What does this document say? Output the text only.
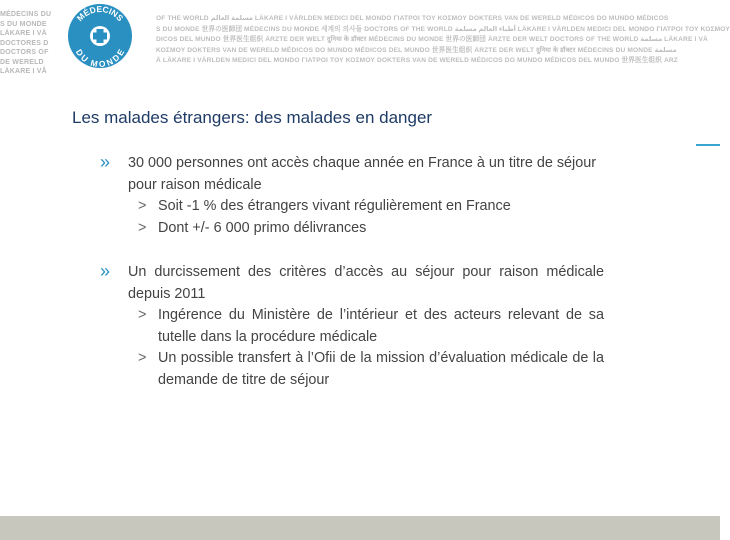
MÉDECINS DU
S DU MONDE
LÄKARE I VÄ
DOCTORES D
DOCTORS OF
DE WERELD
LÄKARE I VÅ
MÉDECINS
DU MONDE
OF THE WORLD مسلمة العالم LÄKARE I VÄRLDEN MEDICI DEL MONDO ΓΙΑΤΡΟΙ ΤΟΥ ΚΟΣΜΟΥ DOKTERS VAN DE WERELD MÉDICOS DO MUNDO MÉDICOS
S DU MONDE 世界の医師団 MÉDECINS DU MONDE 세계의 의사들 DOCTORS OF THE WORLD أطباء العالم مسلمة LÄKARE I VÄRLDEN MEDICI DEL MONDO ΓΙΑΤΡΟΙ ΤΟΥ ΚΟΣΜΟΥ
DICOS DEL MUNDO 世界医生组织 ÄRZTE DER WELT दुनिया के डॉक्टर MÉDECINS DU MONDE 世界の医師団 ÄRZTE DER WELT DOCTORS OF THE WORLD مسلمة LÄKARE I VÄ
ΚΟΣΜΟΥ DOKTERS VAN DE WERELD MÉDICOS DO MUNDO MÉDICOS DEL MUNDO 世界医生组织 ÄRZTE DER WELT दुनिया के डॉक्टर MÉDECINS DU MONDE مسلمة
Ä LÄKARE I VÄRLDEN MEDICI DEL MONDO ΓΙΑΤΡΟΙ ΤΟΥ ΚΟΣΜΟΥ DOKTERS VAN DE WERELD MÉDICOS DO MUNDO MÉDICOS DEL MUNDO 世界医生组织 ARZ
Les malades étrangers: des malades en danger
» 30 000 personnes ont accès chaque année en France à un titre de séjour pour raison médicale
> Soit -1 % des étrangers vivant régulièrement en France
> Dont +/- 6 000 primo délivrances
» Un durcissement des critères d’accès au séjour pour raison médicale depuis 2011
> Ingérence du Ministère de l’intérieur et des acteurs relevant de sa tutelle dans la procédure médicale
> Un possible transfert à l’Ofii de la mission d’évaluation médicale de la demande de titre de séjour
